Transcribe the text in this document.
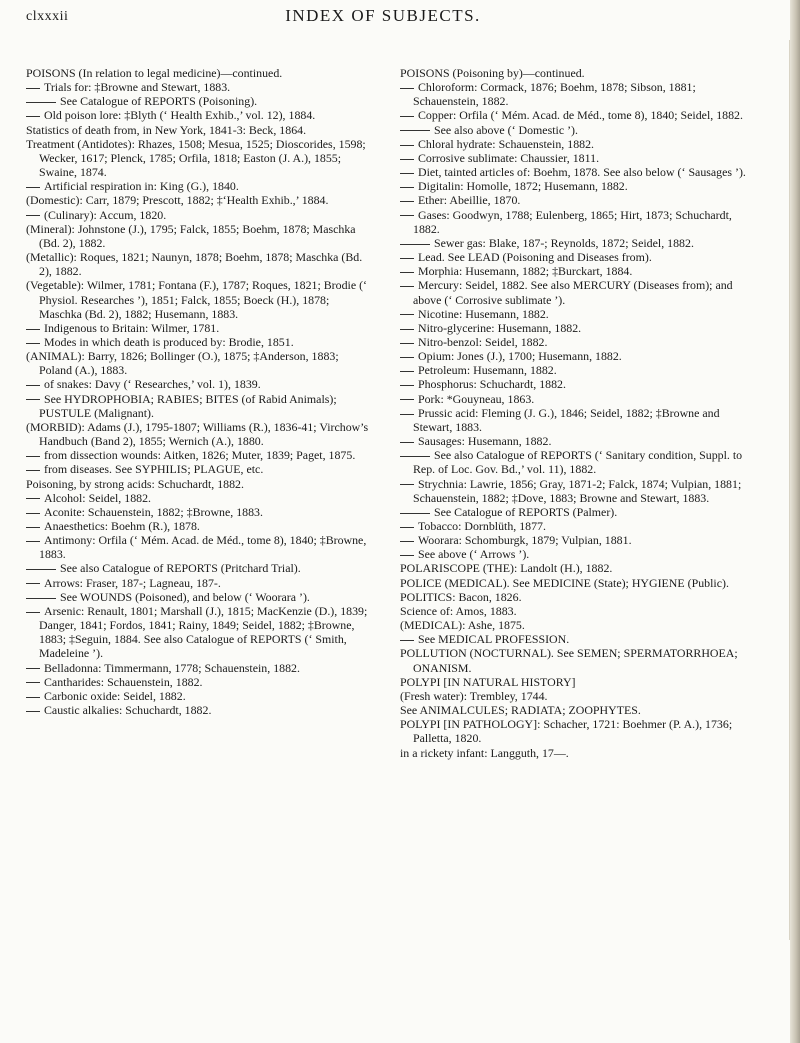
clxxxii	INDEX OF SUBJECTS.

POISONS (In relation to legal medicine)—continued.

Trials for: ‡Browne and Stewart, 1883.

See Catalogue of REPORTS (Poisoning).

Old poison lore: ‡Blyth (‘ Health Exhib.,’ vol. 12), 1884.

Statistics of death from, in New York, 1841-3: Beck, 1864.

Treatment (Antidotes): Rhazes, 1508; Mesua, 1525; Dioscorides, 1598; Wecker, 1617; Plenck, 1785; Orfila, 1818; Easton (J. A.), 1855; Swaine, 1874.

Artificial respiration in: King (G.), 1840.

(Domestic): Carr, 1879; Prescott, 1882; ‡‘Health Exhib.,’ 1884.

(Culinary): Accum, 1820.

(Mineral): Johnstone (J.), 1795; Falck, 1855; Boehm, 1878; Maschka (Bd. 2), 1882.

(Metallic): Roques, 1821; Naunyn, 1878; Boehm, 1878; Maschka (Bd. 2), 1882.

(Vegetable): Wilmer, 1781; Fontana (F.), 1787; Roques, 1821; Brodie (‘ Physiol. Researches ’), 1851; Falck, 1855; Boeck (H.), 1878; Maschka (Bd. 2), 1882; Husemann, 1883.

Indigenous to Britain: Wilmer, 1781.

Modes in which death is produced by: Brodie, 1851.

(ANIMAL): Barry, 1826; Bollinger (O.), 1875; ‡Anderson, 1883; Poland (A.), 1883.

of snakes: Davy (‘ Researches,’ vol. 1), 1839.

See HYDROPHOBIA; RABIES; BITES (of Rabid Animals); PUSTULE (Malignant).

(MORBID): Adams (J.), 1795-1807; Williams (R.), 1836-41; Virchow’s Handbuch (Band 2), 1855; Wernich (A.), 1880.

from dissection wounds: Aitken, 1826; Muter, 1839; Paget, 1875.

from diseases. See SYPHILIS; PLAGUE, etc.

Poisoning, by strong acids: Schuchardt, 1882.

Alcohol: Seidel, 1882.

Aconite: Schauenstein, 1882; ‡Browne, 1883.

Anaesthetics: Boehm (R.), 1878.

Antimony: Orfila (‘ Mém. Acad. de Méd., tome 8), 1840; ‡Browne, 1883.

See also Catalogue of REPORTS (Pritchard Trial).

Arrows: Fraser, 187-; Lagneau, 187-.

See WOUNDS (Poisoned), and below (‘ Woorara ’).

Arsenic: Renault, 1801; Marshall (J.), 1815; MacKenzie (D.), 1839; Danger, 1841; Fordos, 1841; Rainy, 1849; Seidel, 1882; ‡Browne, 1883; ‡Seguin, 1884. See also Catalogue of REPORTS (‘ Smith, Madeleine ’).

Belladonna: Timmermann, 1778; Schauenstein, 1882.

Cantharides: Schauenstein, 1882.

Carbonic oxide: Seidel, 1882.

Caustic alkalies: Schuchardt, 1882.

POISONS (Poisoning by)—continued.

Chloroform: Cormack, 1876; Boehm, 1878; Sibson, 1881; Schauenstein, 1882.

Copper: Orfila (‘ Mém. Acad. de Méd., tome 8), 1840; Seidel, 1882.

See also above (‘ Domestic ’).

Chloral hydrate: Schauenstein, 1882.

Corrosive sublimate: Chaussier, 1811.

Diet, tainted articles of: Boehm, 1878. See also below (‘ Sausages ’).

Digitalin: Homolle, 1872; Husemann, 1882.

Ether: Abeillie, 1870.

Gases: Goodwyn, 1788; Eulenberg, 1865; Hirt, 1873; Schuchardt, 1882.

Sewer gas: Blake, 187-; Reynolds, 1872; Seidel, 1882.

Lead. See LEAD (Poisoning and Diseases from).

Morphia: Husemann, 1882; ‡Burckart, 1884.

Mercury: Seidel, 1882. See also MERCURY (Diseases from); and above (‘ Corrosive sublimate ’).

Nicotine: Husemann, 1882.

Nitro-glycerine: Husemann, 1882.

Nitro-benzol: Seidel, 1882.

Opium: Jones (J.), 1700; Husemann, 1882.

Petroleum: Husemann, 1882.

Phosphorus: Schuchardt, 1882.

Pork: *Gouyneau, 1863.

Prussic acid: Fleming (J. G.), 1846; Seidel, 1882; ‡Browne and Stewart, 1883.

Sausages: Husemann, 1882.

See also Catalogue of REPORTS (‘ Sanitary condition, Suppl. to Rep. of Loc. Gov. Bd.,’ vol. 11), 1882.

Strychnia: Lawrie, 1856; Gray, 1871-2; Falck, 1874; Vulpian, 1881; Schauenstein, 1882; ‡Dove, 1883; Browne and Stewart, 1883.

See Catalogue of REPORTS (Palmer).

Tobacco: Dornblüth, 1877.

Woorara: Schomburgk, 1879; Vulpian, 1881.

See above (‘ Arrows ’).

POLARISCOPE (THE): Landolt (H.), 1882.

POLICE (MEDICAL). See MEDICINE (State); HYGIENE (Public).

POLITICS: Bacon, 1826.

Science of: Amos, 1883.

(MEDICAL): Ashe, 1875.

See MEDICAL PROFESSION.

POLLUTION (NOCTURNAL). See SEMEN; SPERMATORRHOEA; ONANISM.

POLYPI [IN NATURAL HISTORY]

(Fresh water): Trembley, 1744.

See ANIMALCULES; RADIATA; ZOOPHYTES.

POLYPI [IN PATHOLOGY]: Schacher, 1721: Boehmer (P. A.), 1736; Palletta, 1820.

in a rickety infant: Langguth, 17—.
